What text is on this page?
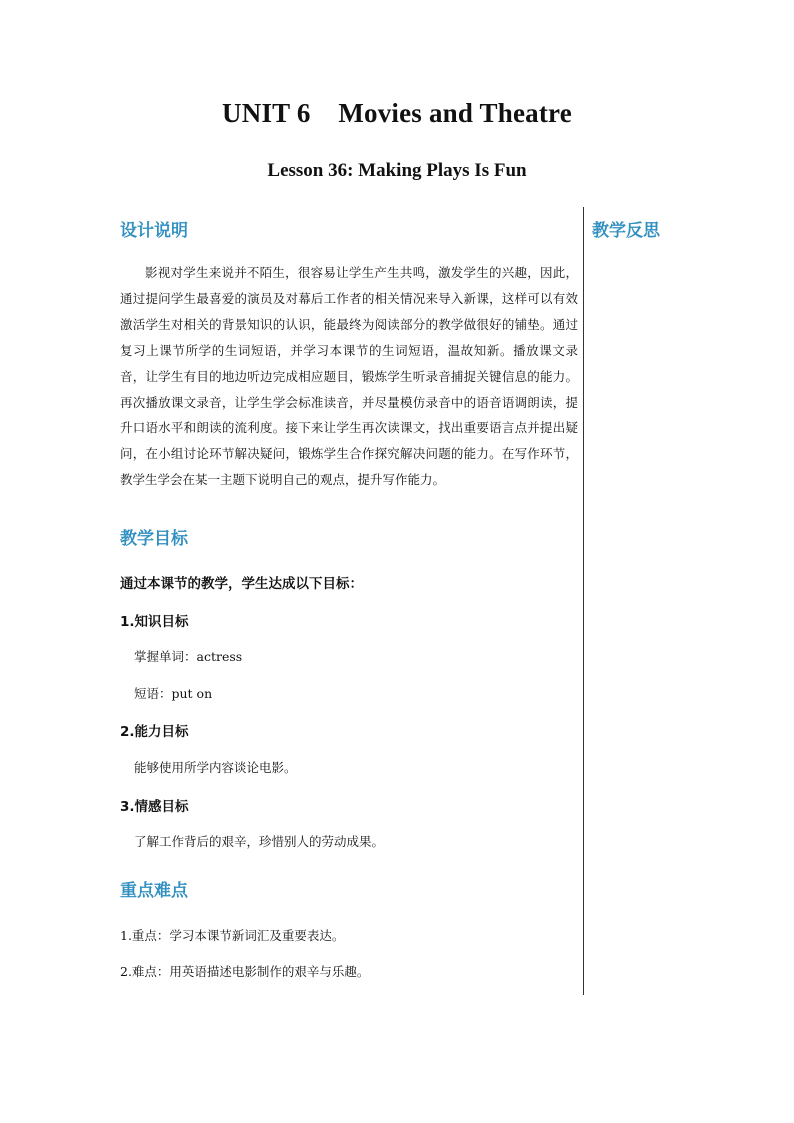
UNIT 6    Movies and Theatre
Lesson 36: Making Plays Is Fun
设计说明	教学反思

影视对学生来说并不陌生，很容易让学生产生共鸣，激发学生的兴趣，因此，通过提问学生最喜爱的演员及对幕后工作者的相关情况来导入新课，这样可以有效激活学生对相关的背景知识的认识，能最终为阅读部分的教学做很好的铺垫。通过复习上课节所学的生词短语，并学习本课节的生词短语，温故知新。播放课文录音，让学生有目的地边听边完成相应题目，锻炼学生听录音捕捉关键信息的能力。再次播放课文录音，让学生学会标准读音，并尽量模仿录音中的语音语调朗读，提升口语水平和朗读的流利度。接下来让学生再次读课文，找出重要语言点并提出疑问，在小组讨论环节解决疑问，锻炼学生合作探究解决问题的能力。在写作环节，教学生学会在某一主题下说明自己的观点，提升写作能力。

教学目标
通过本课节的教学，学生达成以下目标：
1.知识目标
掌握单词：actress
短语：put on
2.能力目标
能够使用所学内容谈论电影。
3.情感目标
了解工作背后的艰辛，珍惜别人的劳动成果。
重点难点
1.重点：学习本课节新词汇及重要表达。
2.难点：用英语描述电影制作的艰辛与乐趣。
